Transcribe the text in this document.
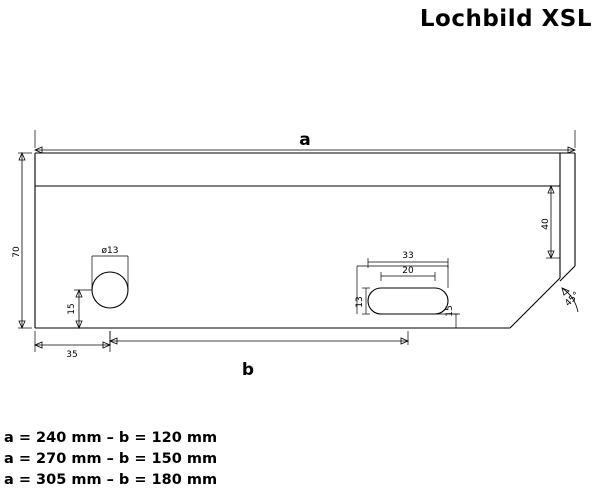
Lochbild XSL
ø13	33
20
13
15
a
b
70
40
15
35
45°
a = 240 mm – b = 120 mm
a = 270 mm – b = 150 mm
a = 305 mm – b = 180 mm
